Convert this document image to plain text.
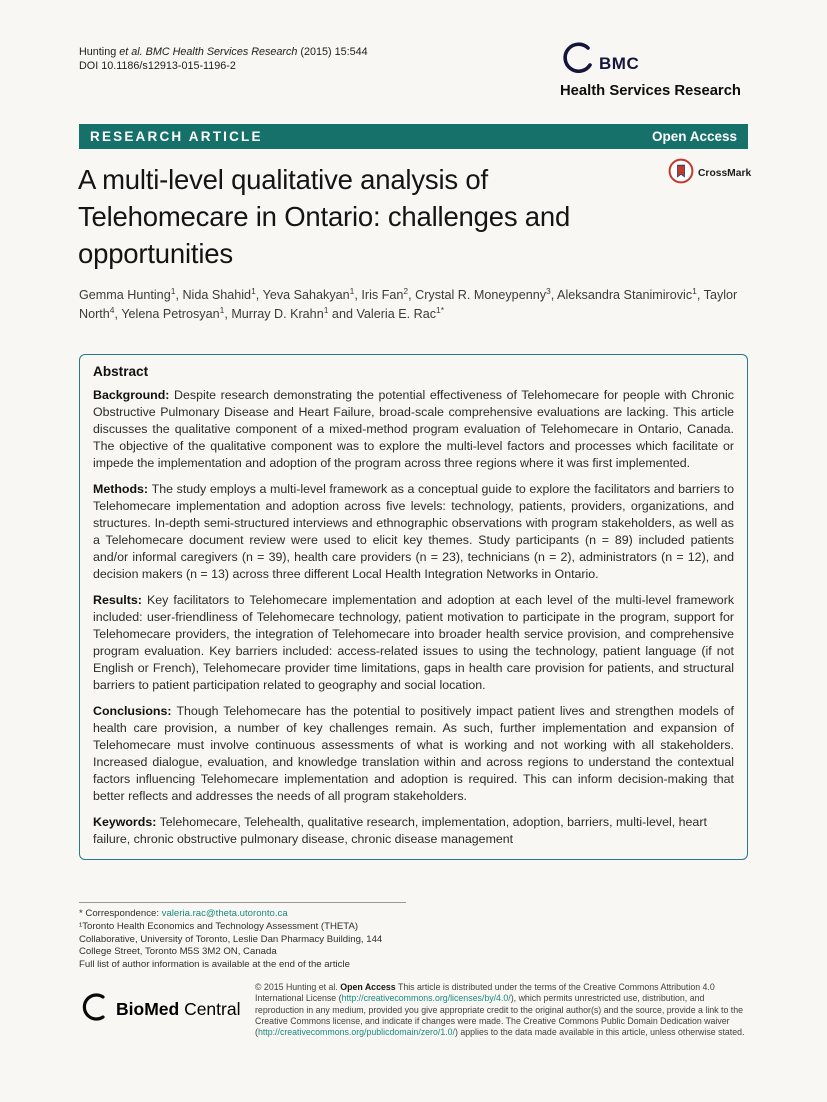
Hunting et al. BMC Health Services Research (2015) 15:544
DOI 10.1186/s12913-015-1196-2	BMC
Health Services Research
RESEARCH ARTICLE	Open Access
A multi-level qualitative analysis of
Telehomecare in Ontario: challenges and
opportunities
CrossMark

Gemma Hunting$^1$, Nida Shahid$^1$, Yeva Sahakyan$^1$, Iris Fan$^2$, Crystal R. Moneypenny$^3$, Aleksandra Stanimirovic$^1$, Taylor North$^4$, Yelena Petrosyan$^1$, Murray D. Krahn$^1$ and Valeria E. Rac$^{1*}$

Abstract

Background: Despite research demonstrating the potential effectiveness of Telehomecare for people with Chronic Obstructive Pulmonary Disease and Heart Failure, broad-scale comprehensive evaluations are lacking. This article discusses the qualitative component of a mixed-method program evaluation of Telehomecare in Ontario, Canada. The objective of the qualitative component was to explore the multi-level factors and processes which facilitate or impede the implementation and adoption of the program across three regions where it was first implemented.

Methods: The study employs a multi-level framework as a conceptual guide to explore the facilitators and barriers to Telehomecare implementation and adoption across five levels: technology, patients, providers, organizations, and structures. In-depth semi-structured interviews and ethnographic observations with program stakeholders, as well as a Telehomecare document review were used to elicit key themes. Study participants (n = 89) included patients and/or informal caregivers (n = 39), health care providers (n = 23), technicians (n = 2), administrators (n = 12), and decision makers (n = 13) across three different Local Health Integration Networks in Ontario.

Results: Key facilitators to Telehomecare implementation and adoption at each level of the multi-level framework included: user-friendliness of Telehomecare technology, patient motivation to participate in the program, support for Telehomecare providers, the integration of Telehomecare into broader health service provision, and comprehensive program evaluation. Key barriers included: access-related issues to using the technology, patient language (if not English or French), Telehomecare provider time limitations, gaps in health care provision for patients, and structural barriers to patient participation related to geography and social location.

Conclusions: Though Telehomecare has the potential to positively impact patient lives and strengthen models of health care provision, a number of key challenges remain. As such, further implementation and expansion of Telehomecare must involve continuous assessments of what is working and not working with all stakeholders. Increased dialogue, evaluation, and knowledge translation within and across regions to understand the contextual factors influencing Telehomecare implementation and adoption is required. This can inform decision-making that better reflects and addresses the needs of all program stakeholders.

Keywords: Telehomecare, Telehealth, qualitative research, implementation, adoption, barriers, multi-level, heart failure, chronic obstructive pulmonary disease, chronic disease management

* Correspondence: valeria.rac@theta.utoronto.ca
¹Toronto Health Economics and Technology Assessment (THETA) Collaborative, University of Toronto, Leslie Dan Pharmacy Building, 144 College Street, Toronto M5S 3M2 ON, Canada
Full list of author information is available at the end of the article
BioMed Central
© 2015 Hunting et al. Open Access This article is distributed under the terms of the Creative Commons Attribution 4.0 International License (http://creativecommons.org/licenses/by/4.0/), which permits unrestricted use, distribution, and reproduction in any medium, provided you give appropriate credit to the original author(s) and the source, provide a link to the Creative Commons license, and indicate if changes were made. The Creative Commons Public Domain Dedication waiver (http://creativecommons.org/publicdomain/zero/1.0/) applies to the data made available in this article, unless otherwise stated.
